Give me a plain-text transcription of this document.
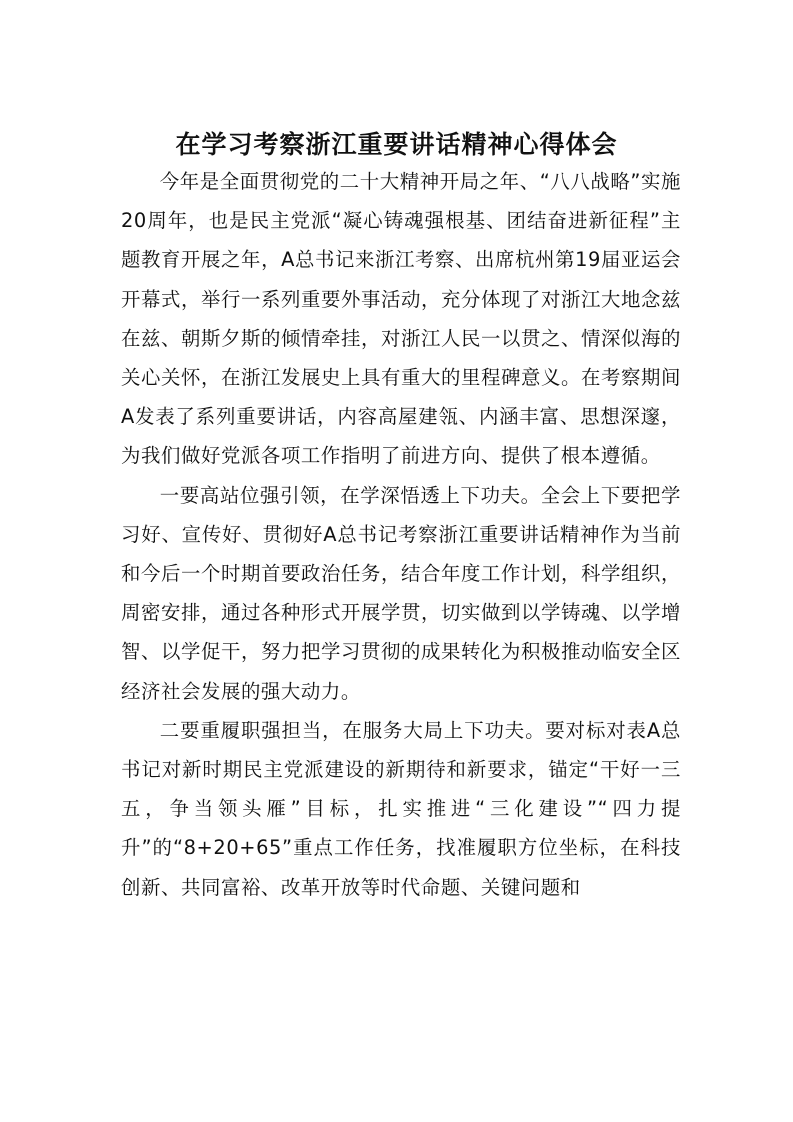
在学习考察浙江重要讲话精神心得体会

今年是全面贯彻党的二十大精神开局之年、“八八战略”实施20周年，也是民主党派“凝心铸魂强根基、团结奋进新征程”主题教育开展之年，A总书记来浙江考察、出席杭州第19届亚运会开幕式，举行一系列重要外事活动，充分体现了对浙江大地念兹在兹、朝斯夕斯的倾情牵挂，对浙江人民一以贯之、情深似海的关心关怀，在浙江发展史上具有重大的里程碑意义。在考察期间A发表了系列重要讲话，内容高屋建瓴、内涵丰富、思想深邃，为我们做好党派各项工作指明了前进方向、提供了根本遵循。

一要高站位强引领，在学深悟透上下功夫。全会上下要把学习好、宣传好、贯彻好A总书记考察浙江重要讲话精神作为当前和今后一个时期首要政治任务，结合年度工作计划，科学组织，周密安排，通过各种形式开展学贯，切实做到以学铸魂、以学增智、以学促干，努力把学习贯彻的成果转化为积极推动临安全区经济社会发展的强大动力。

二要重履职强担当，在服务大局上下功夫。要对标对表A总书记对新时期民主党派建设的新期待和新要求，锚定“干好一三五，争当领头雁”目标，扎实推进“三化建设”“四力提升”的“8+20+65”重点工作任务，找准履职方位坐标，在科技创新、共同富裕、改革开放等时代命题、关键问题和
